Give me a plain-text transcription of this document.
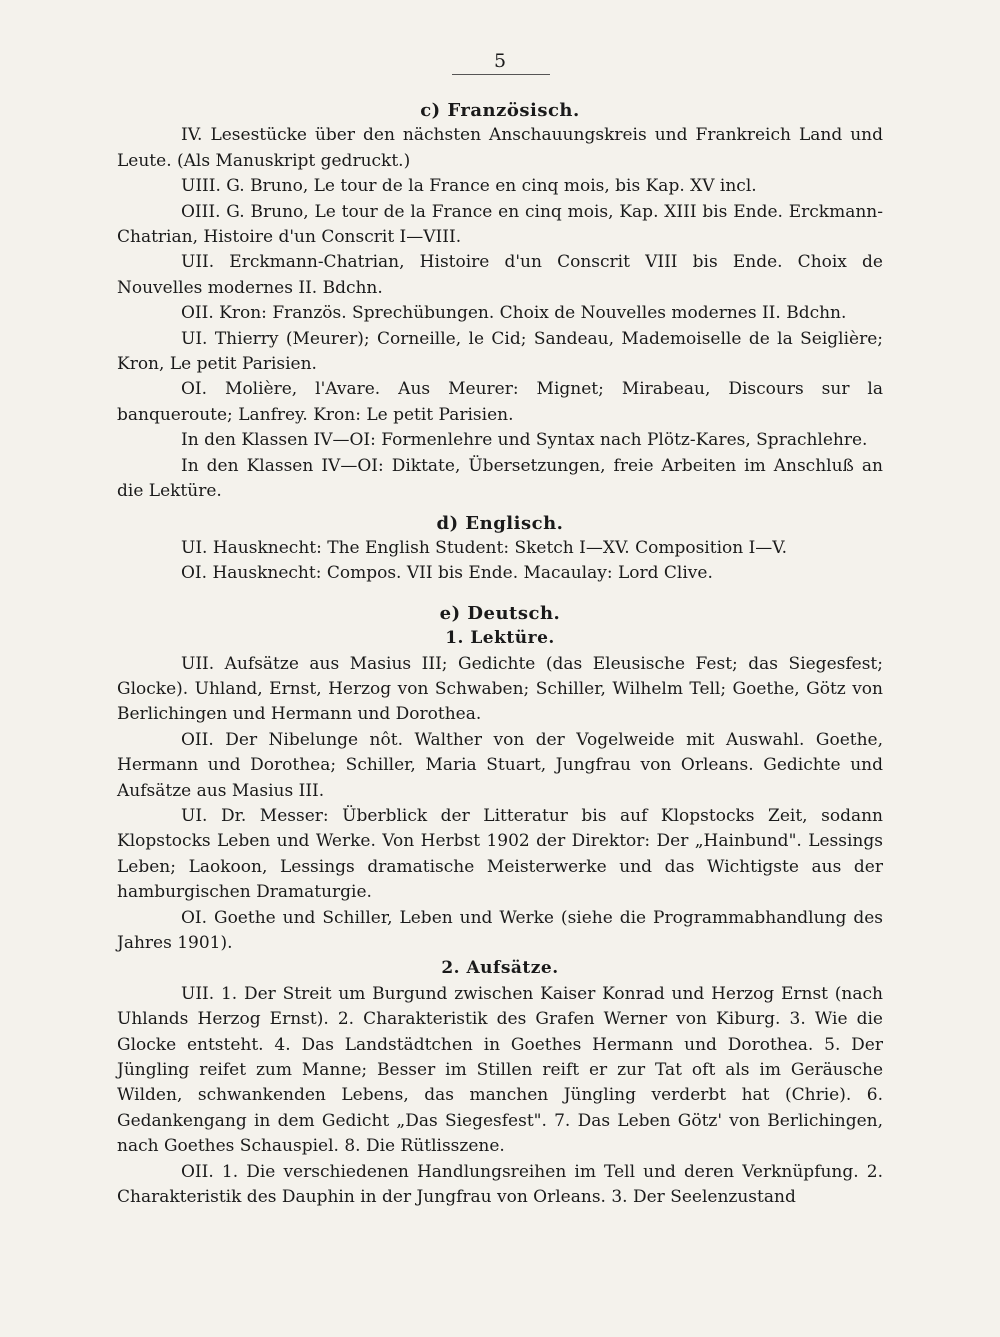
5
c) Französisch.

IV. Lesestücke über den nächsten Anschauungskreis und Frankreich Land und Leute. (Als Manuskript gedruckt.)

UIII. G. Bruno, Le tour de la France en cinq mois, bis Kap. XV incl.

OIII. G. Bruno, Le tour de la France en cinq mois, Kap. XIII bis Ende. Erckmann-Chatrian, Histoire d'un Conscrit I—VIII.

UII. Erckmann-Chatrian, Histoire d'un Conscrit VIII bis Ende. Choix de Nouvelles modernes II. Bdchn.

OII. Kron: Französ. Sprechübungen. Choix de Nouvelles modernes II. Bdchn.

UI. Thierry (Meurer); Corneille, le Cid; Sandeau, Mademoiselle de la Seiglière; Kron, Le petit Parisien.

OI. Molière, l'Avare. Aus Meurer: Mignet; Mirabeau, Discours sur la banqueroute; Lanfrey. Kron: Le petit Parisien.

In den Klassen IV—OI: Formenlehre und Syntax nach Plötz-Kares, Sprachlehre.

In den Klassen IV—OI: Diktate, Übersetzungen, freie Arbeiten im Anschluß an die Lektüre.

d) Englisch.

UI. Hausknecht: The English Student: Sketch I—XV. Composition I—V.

OI. Hausknecht: Compos. VII bis Ende. Macaulay: Lord Clive.

e) Deutsch.
1. Lektüre.

UII. Aufsätze aus Masius III; Gedichte (das Eleusische Fest; das Siegesfest; Glocke). Uhland, Ernst, Herzog von Schwaben; Schiller, Wilhelm Tell; Goethe, Götz von Berlichingen und Hermann und Dorothea.

OII. Der Nibelunge nôt. Walther von der Vogelweide mit Auswahl. Goethe, Hermann und Dorothea; Schiller, Maria Stuart, Jungfrau von Orleans. Gedichte und Aufsätze aus Masius III.

UI. Dr. Messer: Überblick der Litteratur bis auf Klopstocks Zeit, sodann Klopstocks Leben und Werke. Von Herbst 1902 der Direktor: Der „Hainbund". Lessings Leben; Laokoon, Lessings dramatische Meisterwerke und das Wichtigste aus der hamburgischen Dramaturgie.

OI. Goethe und Schiller, Leben und Werke (siehe die Programmabhandlung des Jahres 1901).

2. Aufsätze.

UII. 1. Der Streit um Burgund zwischen Kaiser Konrad und Herzog Ernst (nach Uhlands Herzog Ernst). 2. Charakteristik des Grafen Werner von Kiburg. 3. Wie die Glocke entsteht. 4. Das Landstädtchen in Goethes Hermann und Dorothea. 5. Der Jüngling reifet zum Manne; Besser im Stillen reift er zur Tat oft als im Geräusche Wilden, schwankenden Lebens, das manchen Jüngling verderbt hat (Chrie). 6. Gedankengang in dem Gedicht „Das Siegesfest". 7. Das Leben Götz' von Berlichingen, nach Goethes Schauspiel. 8. Die Rütlisszene.

OII. 1. Die verschiedenen Handlungsreihen im Tell und deren Verknüpfung. 2. Charakteristik des Dauphin in der Jungfrau von Orleans. 3. Der Seelenzustand
